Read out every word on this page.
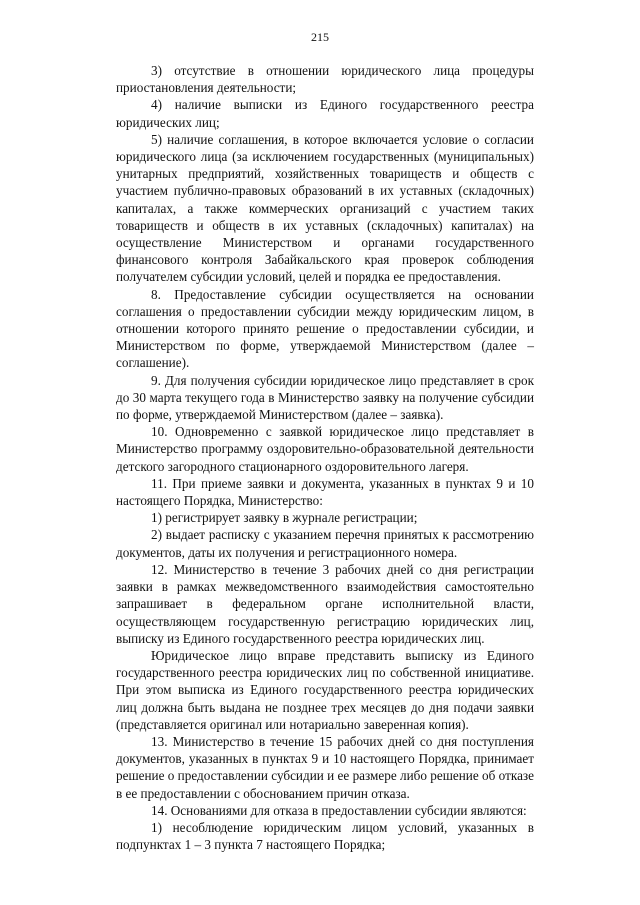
215

3) отсутствие в отношении юридического лица процедуры приостановления деятельности;

4) наличие выписки из Единого государственного реестра юридических лиц;

5) наличие соглашения, в которое включается условие о согласии юридического лица (за исключением государственных (муниципальных) унитарных предприятий, хозяйственных товариществ и обществ с участием публично-правовых образований в их уставных (складочных) капиталах, а также коммерческих организаций с участием таких товариществ и обществ в их уставных (складочных) капиталах) на осуществление Министерством и органами государственного финансового контроля Забайкальского края проверок соблюдения получателем субсидии условий, целей и порядка ее предоставления.

8. Предоставление субсидии осуществляется на основании соглашения о предоставлении субсидии между юридическим лицом, в отношении которого принято решение о предоставлении субсидии, и Министерством по форме, утверждаемой Министерством (далее – соглашение).

9. Для получения субсидии юридическое лицо представляет в срок до 30 марта текущего года в Министерство заявку на получение субсидии по форме, утверждаемой Министерством (далее – заявка).

10. Одновременно с заявкой юридическое лицо представляет в Министерство программу оздоровительно-образовательной деятельности детского загородного стационарного оздоровительного лагеря.

11. При приеме заявки и документа, указанных в пунктах 9 и 10 настоящего Порядка, Министерство:

1) регистрирует заявку в журнале регистрации;

2) выдает расписку с указанием перечня принятых к рассмотрению документов, даты их получения и регистрационного номера.

12. Министерство в течение 3 рабочих дней со дня регистрации заявки в рамках межведомственного взаимодействия самостоятельно запрашивает в федеральном органе исполнительной власти, осуществляющем государственную регистрацию юридических лиц, выписку из Единого государственного реестра юридических лиц.

Юридическое лицо вправе представить выписку из Единого государственного реестра юридических лиц по собственной инициативе. При этом выписка из Единого государственного реестра юридических лиц должна быть выдана не позднее трех месяцев до дня подачи заявки (представляется оригинал или нотариально заверенная копия).

13. Министерство в течение 15 рабочих дней со дня поступления документов, указанных в пунктах 9 и 10 настоящего Порядка, принимает решение о предоставлении субсидии и ее размере либо решение об отказе в ее предоставлении с обоснованием причин отказа.

14. Основаниями для отказа в предоставлении субсидии являются:

1) несоблюдение юридическим лицом условий, указанных в подпунктах 1 – 3 пункта 7 настоящего Порядка;
